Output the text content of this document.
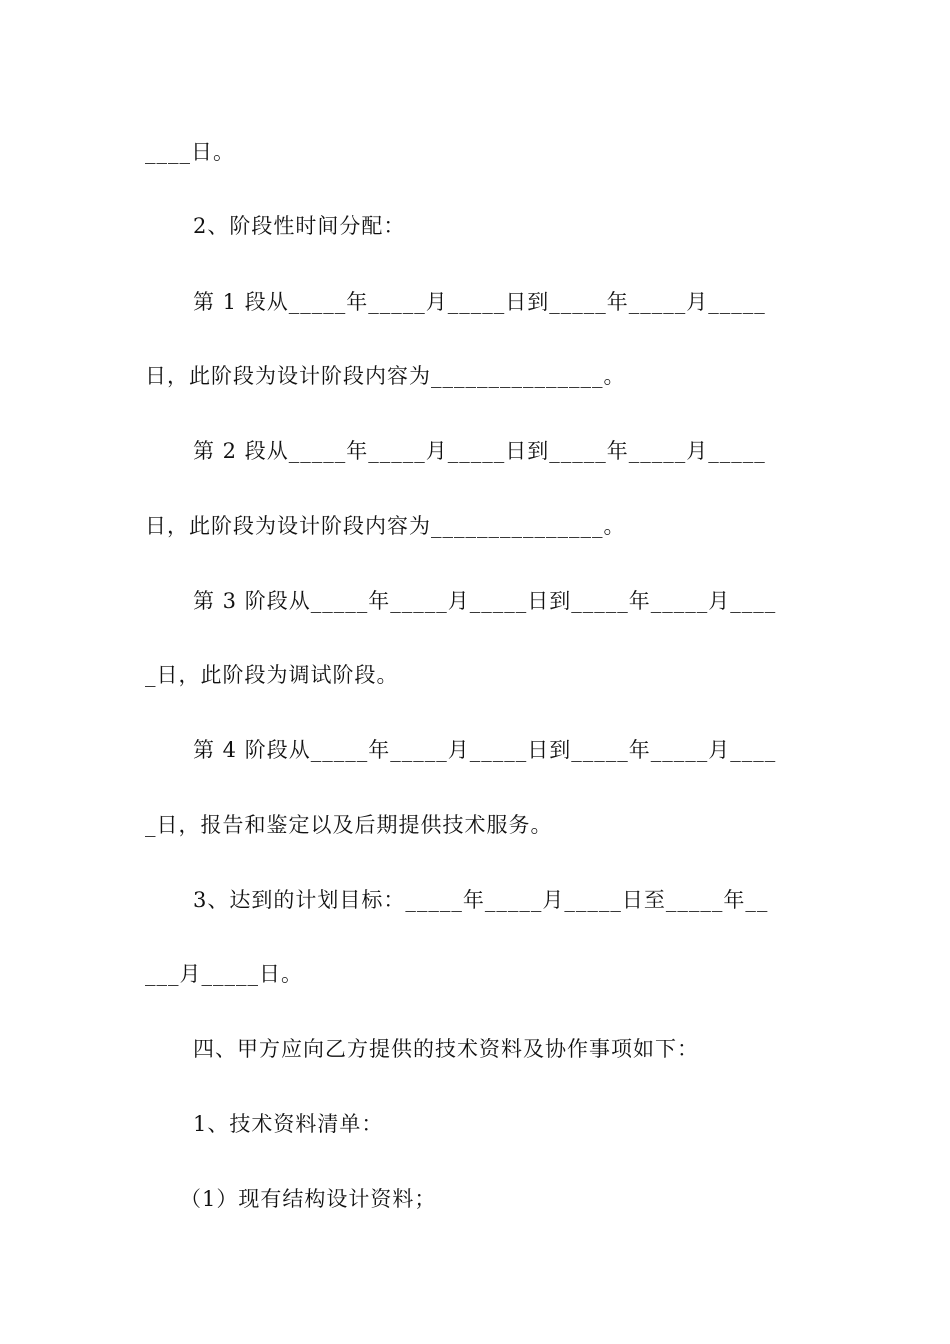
____日。
2、阶段性时间分配：
第 1 段从_____年_____月_____日到_____年_____月_____
日，此阶段为设计阶段内容为_______________。
第 2 段从_____年_____月_____日到_____年_____月_____
日，此阶段为设计阶段内容为_______________。
第 3 阶段从_____年_____月_____日到_____年_____月____
_日，此阶段为调试阶段。
第 4 阶段从_____年_____月_____日到_____年_____月____
_日，报告和鉴定以及后期提供技术服务。
3、达到的计划目标：_____年_____月_____日至_____年__
___月_____日。
四、甲方应向乙方提供的技术资料及协作事项如下：
1、技术资料清单：
（1）现有结构设计资料；
